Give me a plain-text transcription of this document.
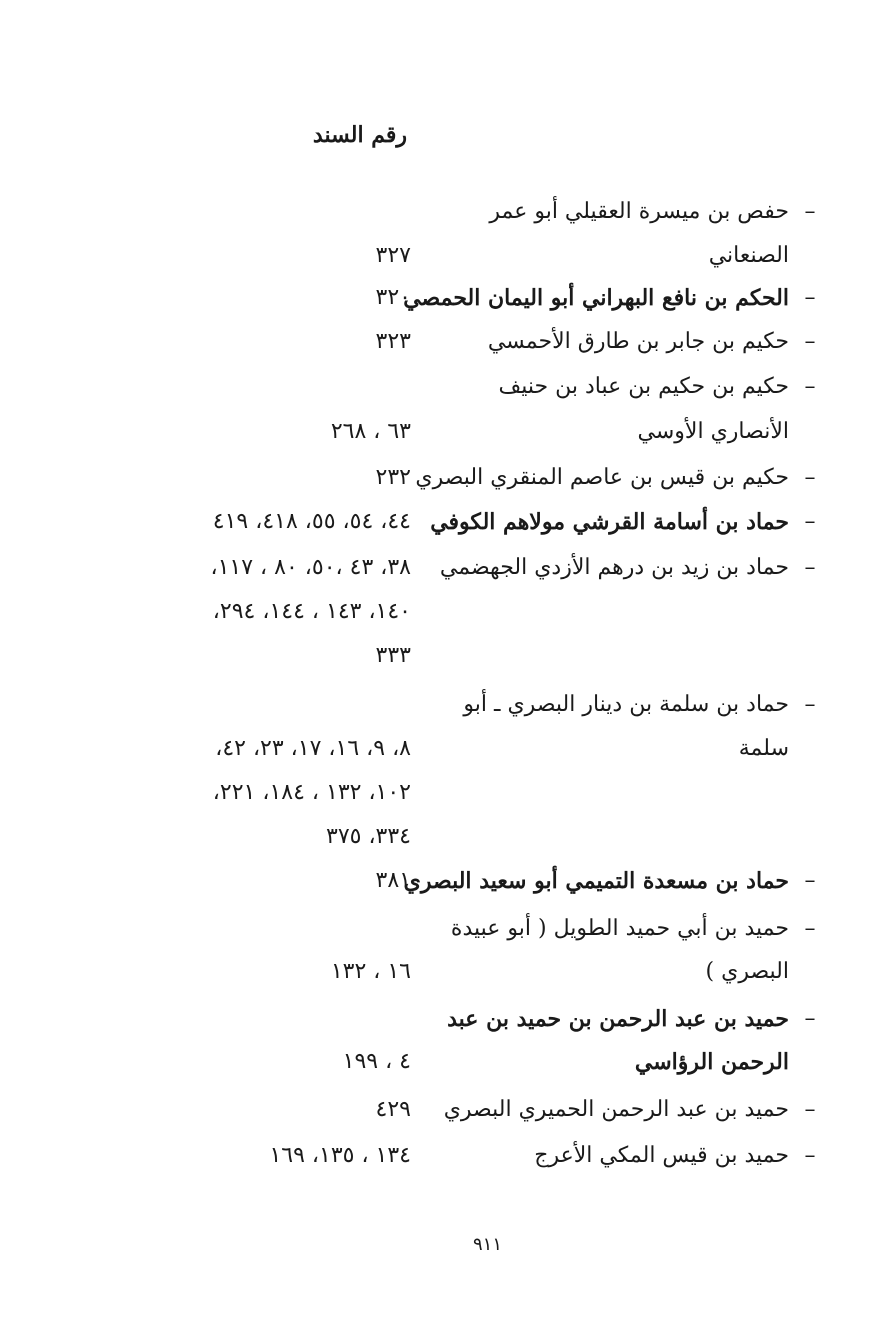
رقم السند
–
حفص بن ميسرة العقيلي أبو عمر
الصنعاني
٣٢٧
–
الحكم بن نافع البهراني أبو اليمان الحمصي
٣٢٠
–
حكيم بن جابر بن طارق الأحمسي
٣٢٣
–
حكيم بن حكيم بن عباد بن حنيف
الأنصاري الأوسي
٦٣ ، ٢٦٨
–
حكيم بن قيس بن عاصم المنقري البصري
٢٣٢
–
حماد بن أسامة القرشي مولاهم الكوفي
٤٤، ٥٤، ٥٥، ٤١٨، ٤١٩
–
حماد بن زيد بن درهم الأزدي الجهضمي
٣٨، ٤٣ ،٥٠، ٨٠ ، ١١٧،
١٤٠، ١٤٣ ، ١٤٤، ٢٩٤،
٣٣٣
–
حماد بن سلمة بن دينار البصري ـ أبو
سلمة
٨، ٩، ١٦، ١٧، ٢٣، ٤٢،
١٠٢، ١٣٢ ، ١٨٤، ٢٢١،
٣٣٤، ٣٧٥
–
حماد بن مسعدة التميمي أبو سعيد البصري
٣٨١
–
حميد بن أبي حميد الطويل ( أبو عبيدة
البصري )
١٦ ، ١٣٢
–
حميد بن عبد الرحمن بن حميد بن عبد
الرحمن الرؤاسي
٤ ، ١٩٩
–
حميد بن عبد الرحمن الحميري البصري
٤٢٩
–
حميد بن قيس المكي الأعرج
١٣٤ ، ١٣٥، ١٦٩
٩١١
